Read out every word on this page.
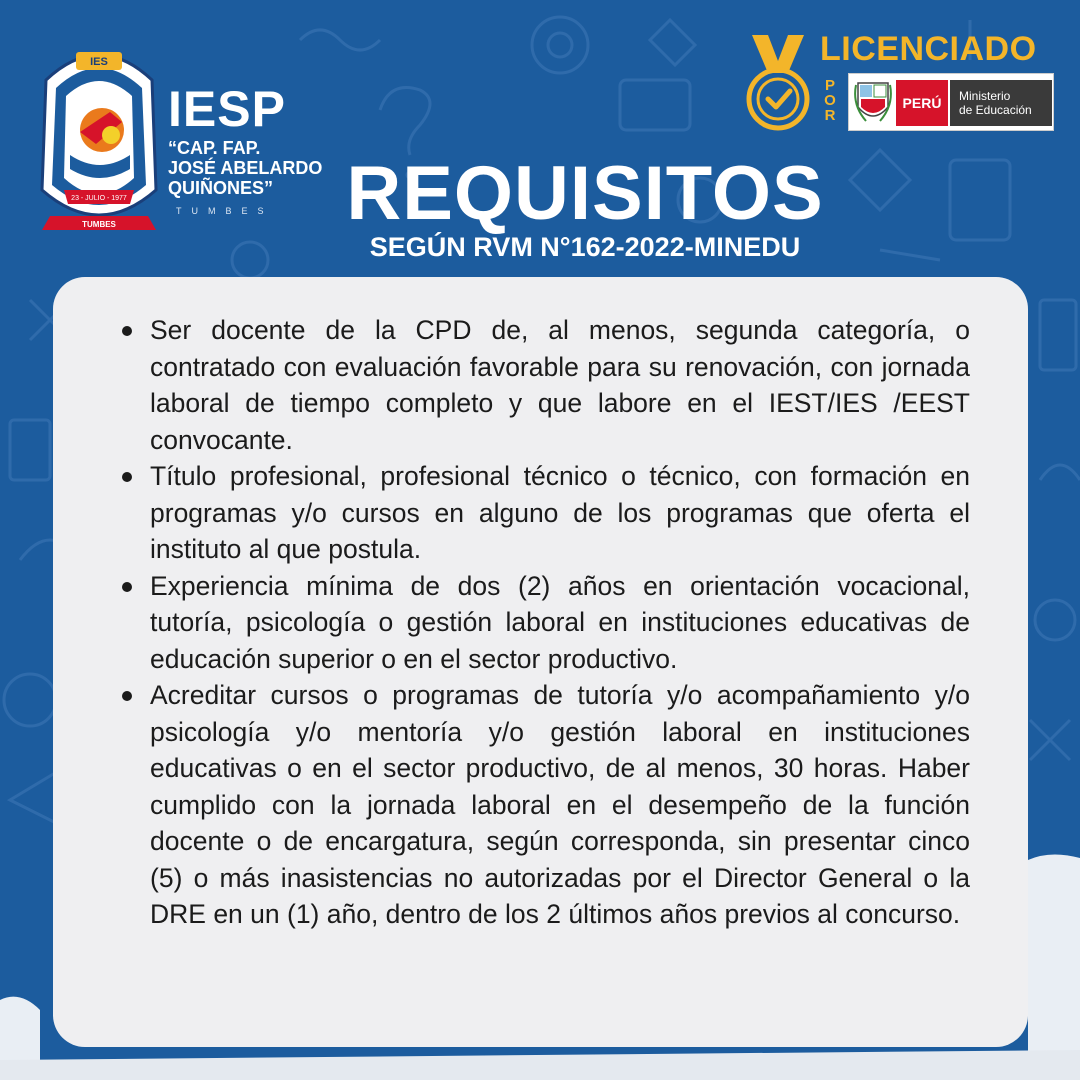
IES
23 - JULIO - 1977
TUMBES
IESP
“CAP. FAP.
JOSÉ ABELARDO
QUIÑONES”
TUMBES
LICENCIADO
P
O
R
PERÚ	Ministerio
de Educación
REQUISITOS
SEGÚN RVM N°162-2022-MINEDU
Ser docente de la CPD de, al menos, segunda categoría, o contratado con evaluación favorable para su renovación, con jornada laboral de tiempo completo y que labore en el IEST/IES /EEST convocante.
Título profesional, profesional técnico o técnico, con formación en programas y/o cursos en alguno de los programas que oferta el instituto al que postula.
Experiencia mínima de dos (2) años en orientación vocacional, tutoría, psicología o gestión laboral en instituciones educativas de educación superior o en el sector productivo.
Acreditar cursos o programas de tutoría y/o acompañamiento y/o psicología y/o mentoría y/o gestión laboral en instituciones educativas o en el sector productivo, de al menos, 30 horas. Haber cumplido con la jornada laboral en el desempeño de la función docente o de encargatura, según corresponda, sin presentar cinco (5) o más inasistencias no autorizadas por el Director General o la DRE en un (1) año, dentro de los 2 últimos años previos al concurso.
